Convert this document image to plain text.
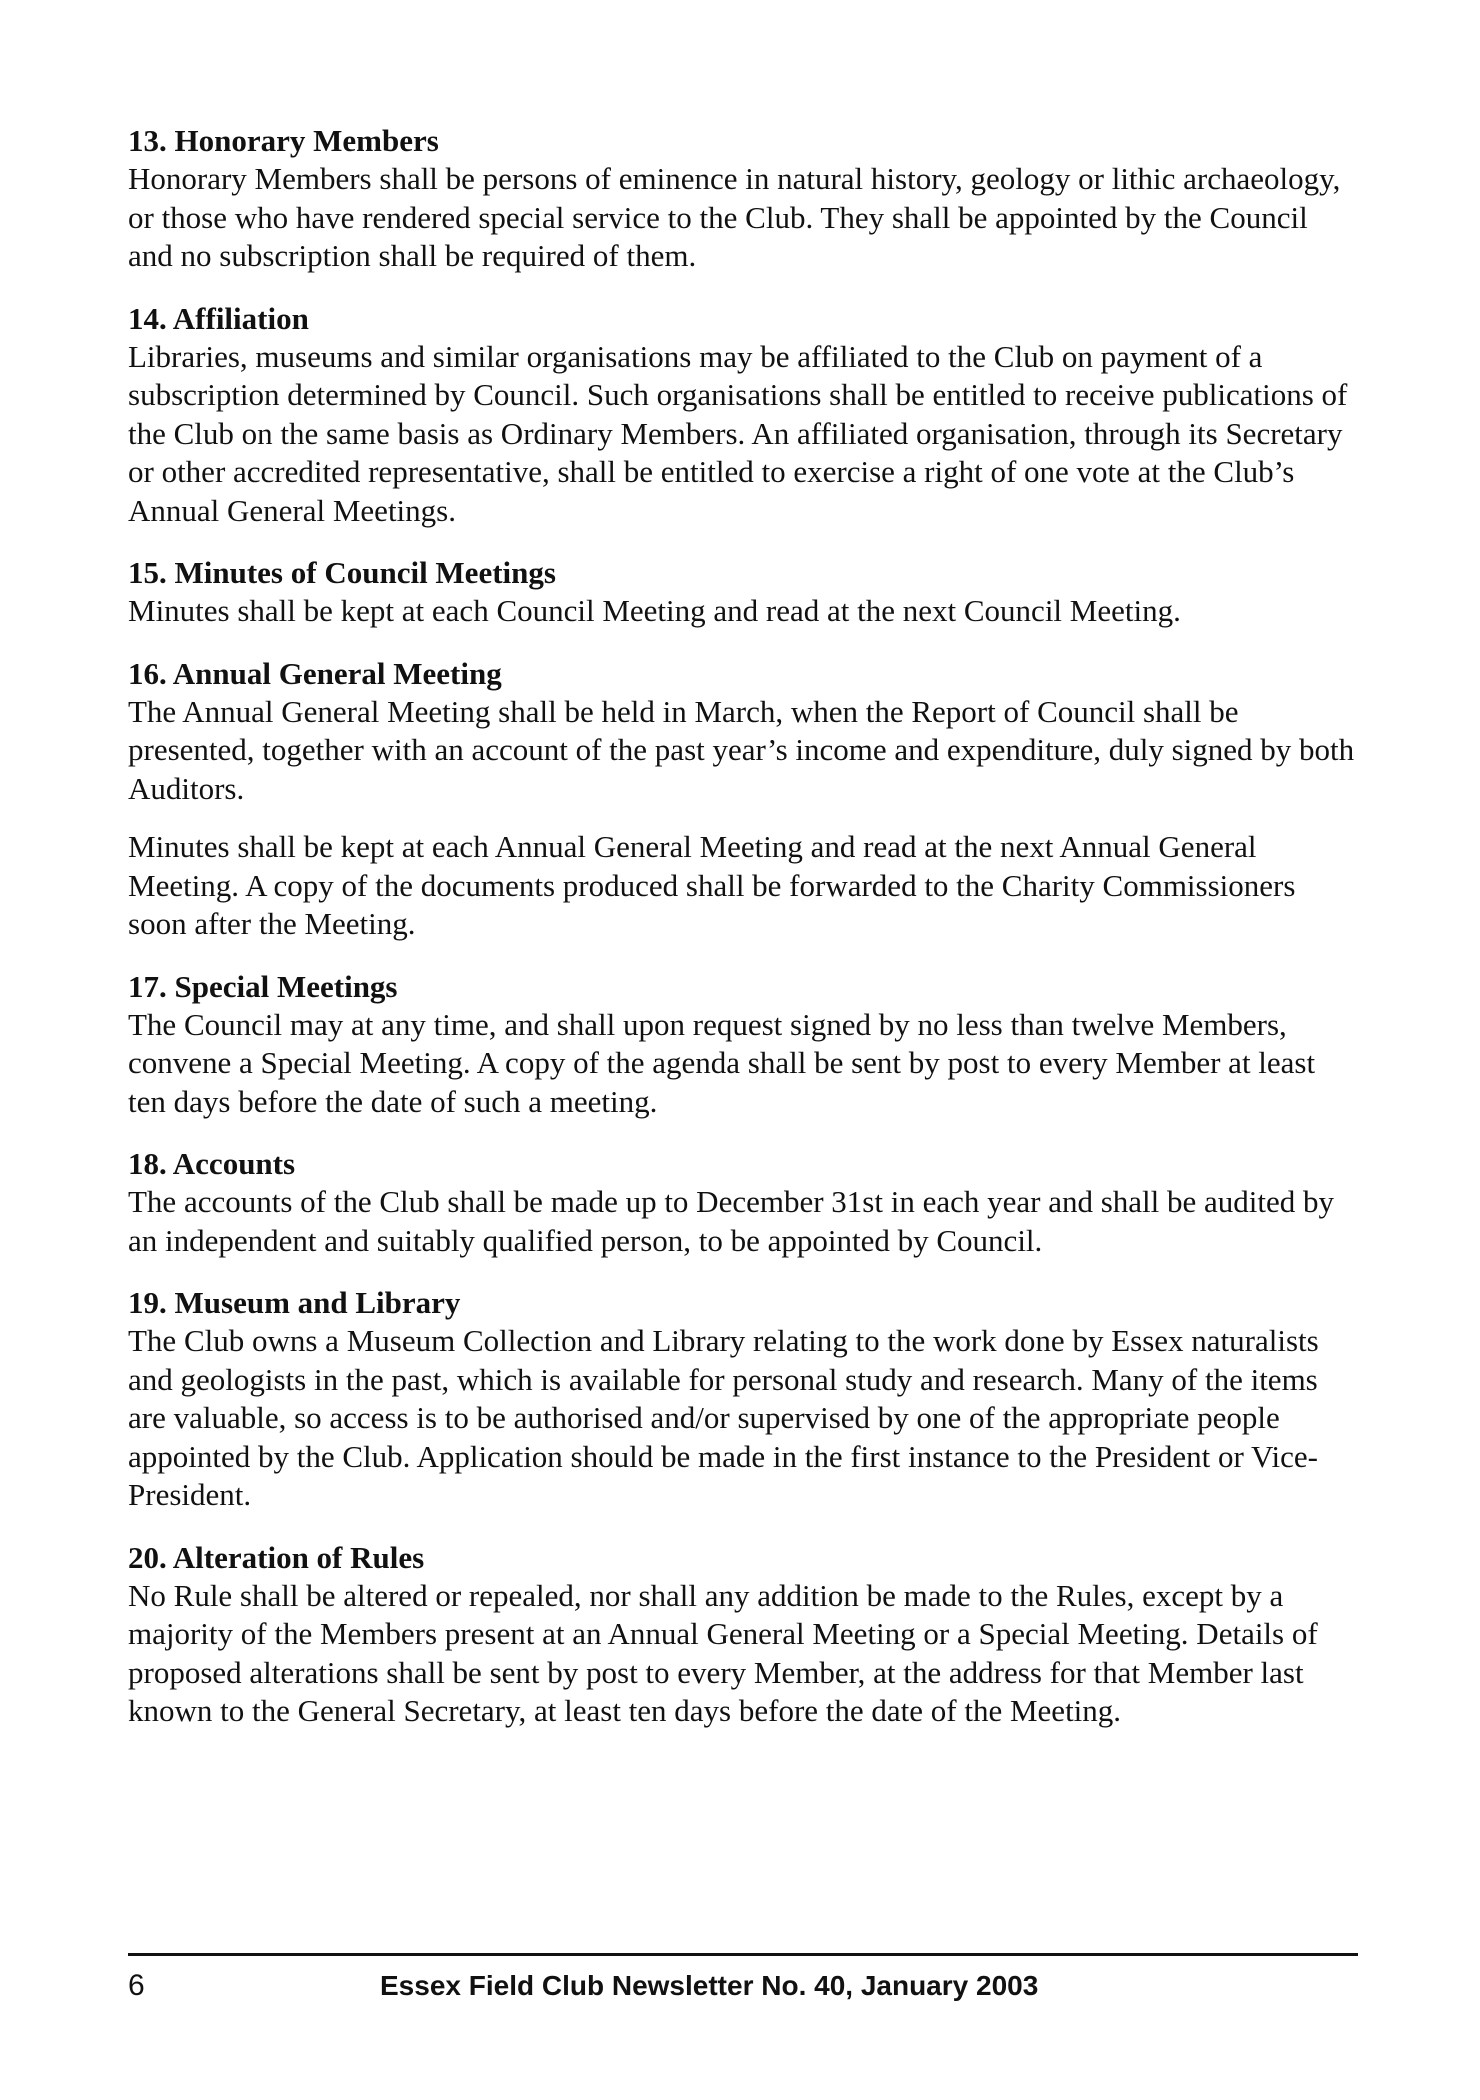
13. Honorary Members

Honorary Members shall be persons of eminence in natural history, geology or lithic archaeology, or those who have rendered special service to the Club. They shall be appointed by the Council and no subscription shall be required of them.

14. Affiliation

Libraries, museums and similar organisations may be affiliated to the Club on payment of a subscription determined by Council. Such organisations shall be entitled to receive publications of the Club on the same basis as Ordinary Members. An affiliated organisation, through its Secretary or other accredited representative, shall be entitled to exercise a right of one vote at the Club’s Annual General Meetings.

15. Minutes of Council Meetings

Minutes shall be kept at each Council Meeting and read at the next Council Meeting.

16. Annual General Meeting

The Annual General Meeting shall be held in March, when the Report of Council shall be presented, together with an account of the past year’s income and expenditure, duly signed by both Auditors.

Minutes shall be kept at each Annual General Meeting and read at the next Annual General Meeting. A copy of the documents produced shall be forwarded to the Charity Commissioners soon after the Meeting.

17. Special Meetings

The Council may at any time, and shall upon request signed by no less than twelve Members, convene a Special Meeting. A copy of the agenda shall be sent by post to every Member at least ten days before the date of such a meeting.

18. Accounts

The accounts of the Club shall be made up to December 31st in each year and shall be audited by an independent and suitably qualified person, to be appointed by Council.

19. Museum and Library

The Club owns a Museum Collection and Library relating to the work done by Essex naturalists and geologists in the past, which is available for personal study and research. Many of the items are valuable, so access is to be authorised and/or supervised by one of the appropriate people appointed by the Club. Application should be made in the first instance to the President or Vice-President.

20. Alteration of Rules

No Rule shall be altered or repealed, nor shall any addition be made to the Rules, except by a majority of the Members present at an Annual General Meeting or a Special Meeting. Details of proposed alterations shall be sent by post to every Member, at the address for that Member last known to the General Secretary, at least ten days before the date of the Meeting.

6	Essex Field Club Newsletter No. 40, January 2003
